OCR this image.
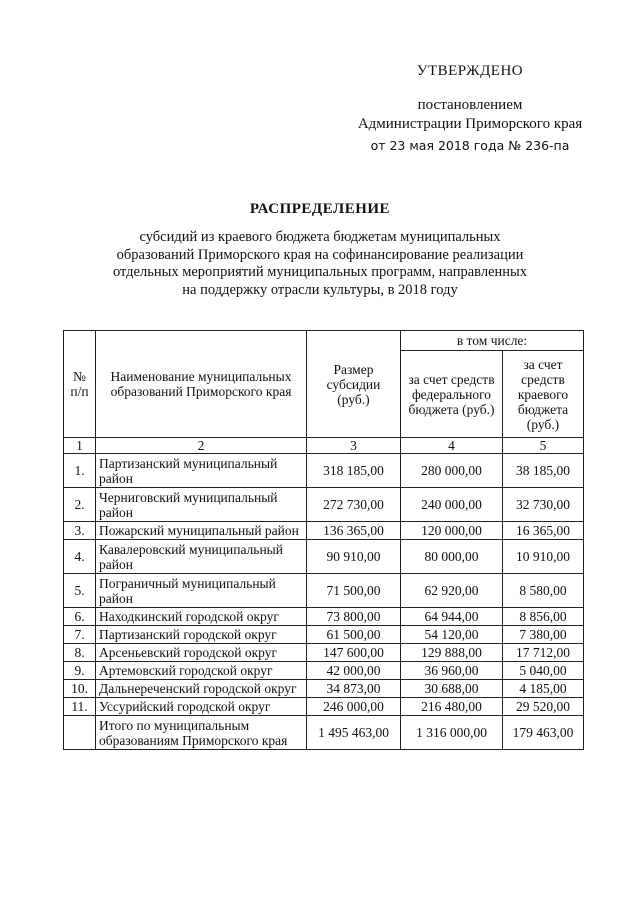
УТВЕРЖДЕНО
постановлением
Администрации Приморского края
от 23 мая 2018 года № 236-па
РАСПРЕДЕЛЕНИЕ
субсидий из краевого бюджета бюджетам муниципальных
образований Приморского края на софинансирование реализации
отдельных мероприятий муниципальных программ, направленных
на поддержку отрасли культуры, в 2018 году
№ п/п	Наименование муниципальных образований Приморского края	Размер субсидии (руб.)	в том числе:	
			за счет средств федерального бюджета (руб.)	за счет средств краевого бюджета (руб.)
1	2	3	4	5
1.	Партизанский муниципальный район	318 185,00	280 000,00	38 185,00
2.	Черниговский муниципальный район	272 730,00	240 000,00	32 730,00
3.	Пожарский муниципальный район	136 365,00	120 000,00	16 365,00
4.	Кавалеровский муниципальный район	90 910,00	80 000,00	10 910,00
5.	Пограничный муниципальный район	71 500,00	62 920,00	8 580,00
6.	Находкинский городской округ	73 800,00	64 944,00	8 856,00
7.	Партизанский городской округ	61 500,00	54 120,00	7 380,00
8.	Арсеньевский городской округ	147 600,00	129 888,00	17 712,00
9.	Артемовский городской округ	42 000,00	36 960,00	5 040,00
10.	Дальнереченский городской округ	34 873,00	30 688,00	4 185,00
11.	Уссурийский городской округ	246 000,00	216 480,00	29 520,00
	Итого по муниципальным образованиям Приморского края	1 495 463,00	1 316 000,00	179 463,00
